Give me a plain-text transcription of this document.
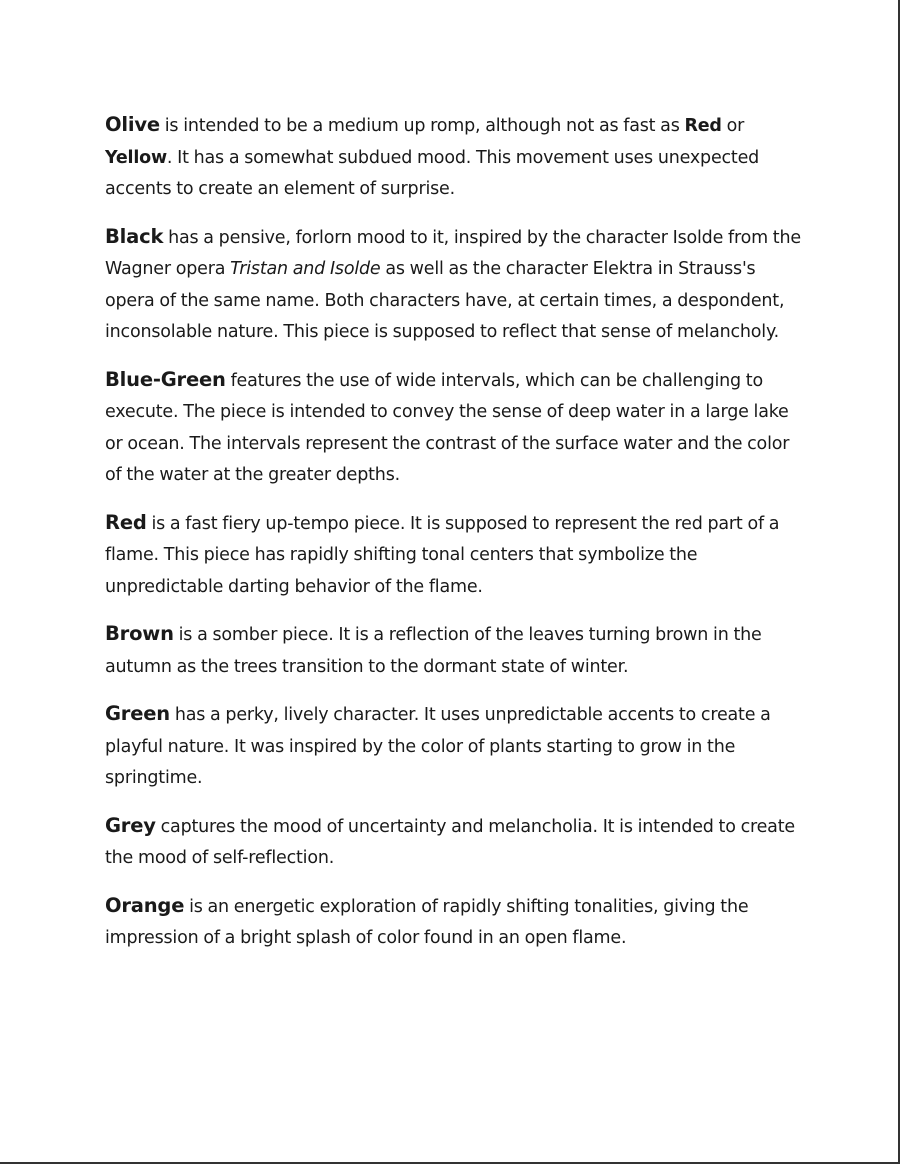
Olive is intended to be a medium up romp, although not as fast as Red or Yellow. It has a somewhat subdued mood. This movement uses unexpected accents to create an element of surprise.

Black has a pensive, forlorn mood to it, inspired by the character Isolde from the Wagner opera Tristan and Isolde as well as the character Elektra in Strauss's opera of the same name. Both characters have, at certain times, a despondent, inconsolable nature. This piece is supposed to reflect that sense of melancholy.

Blue-Green features the use of wide intervals, which can be challenging to execute. The piece is intended to convey the sense of deep water in a large lake or ocean. The intervals represent the contrast of the surface water and the color of the water at the greater depths.

Red is a fast fiery up-tempo piece. It is supposed to represent the red part of a flame. This piece has rapidly shifting tonal centers that symbolize the unpredictable darting behavior of the flame.

Brown is a somber piece. It is a reflection of the leaves turning brown in the autumn as the trees transition to the dormant state of winter.

Green has a perky, lively character. It uses unpredictable accents to create a playful nature. It was inspired by the color of plants starting to grow in the springtime.

Grey captures the mood of uncertainty and melancholia. It is intended to create the mood of self-reflection.

Orange is an energetic exploration of rapidly shifting tonalities, giving the impression of a bright splash of color found in an open flame.
